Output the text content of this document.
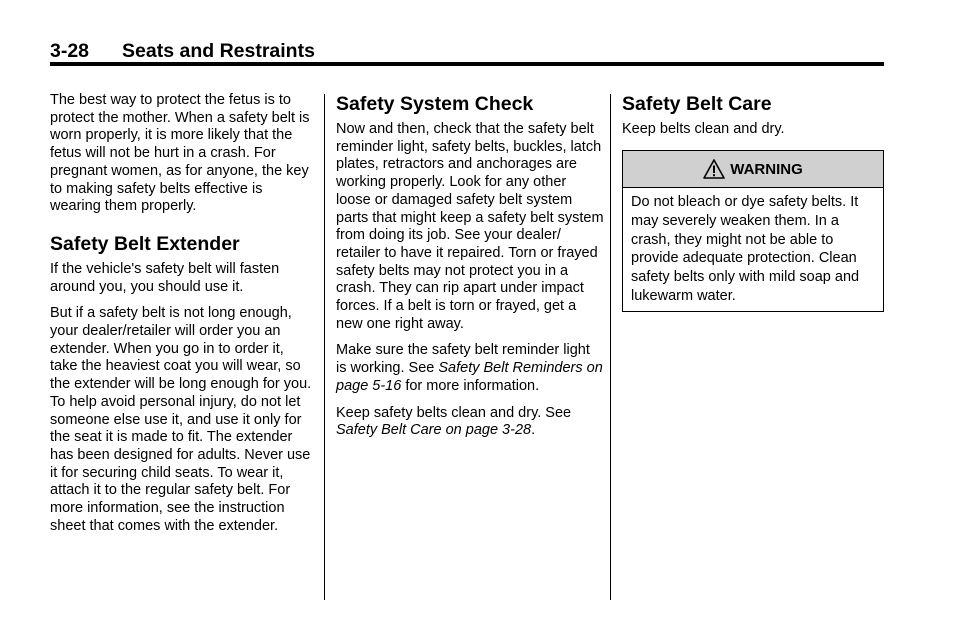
3-28 Seats and Restraints

The best way to protect the fetus is to protect the mother. When a safety belt is worn properly, it is more likely that the fetus will not be hurt in a crash. For pregnant women, as for anyone, the key to making safety belts effective is wearing them properly.

Safety Belt Extender

If the vehicle's safety belt will fasten around you, you should use it.

But if a safety belt is not long enough, your dealer/retailer will order you an extender. When you go in to order it, take the heaviest coat you will wear, so the extender will be long enough for you. To help avoid personal injury, do not let someone else use it, and use it only for the seat it is made to fit. The extender has been designed for adults. Never use it for securing child seats. To wear it, attach it to the regular safety belt. For more information, see the instruction sheet that comes with the extender.

Safety System Check

Now and then, check that the safety belt reminder light, safety belts, buckles, latch plates, retractors and anchorages are working properly. Look for any other loose or damaged safety belt system parts that might keep a safety belt system from doing its job. See your dealer/ retailer to have it repaired. Torn or frayed safety belts may not protect you in a crash. They can rip apart under impact forces. If a belt is torn or frayed, get a new one right away.

Make sure the safety belt reminder light is working. See Safety Belt Reminders on page 5-16 for more information.

Keep safety belts clean and dry. See Safety Belt Care on page 3-28.

Safety Belt Care

Keep belts clean and dry.

WARNING
Do not bleach or dye safety belts. It may severely weaken them. In a crash, they might not be able to provide adequate protection. Clean safety belts only with mild soap and lukewarm water.
